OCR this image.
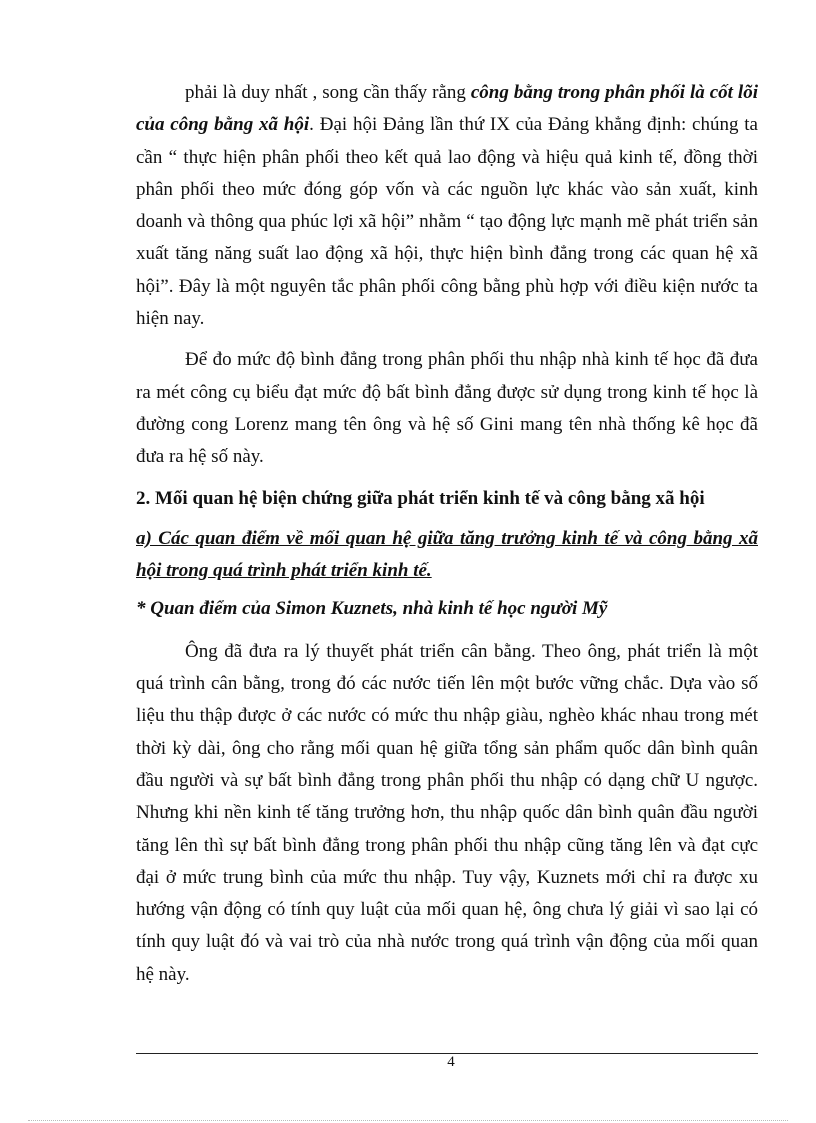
phải là duy nhất , song cần thấy rằng công bằng trong phân phối là cốt lõi của công bằng xã hội. Đại hội Đảng lần thứ IX của Đảng khẳng định: chúng ta cần “ thực hiện phân phối theo kết quả lao động và hiệu quả kinh tế, đồng thời phân phối theo mức đóng góp vốn và các nguồn lực khác vào sản xuất, kinh doanh và thông qua phúc lợi xã hội” nhằm “ tạo động lực mạnh mẽ phát triển sản xuất tăng năng suất lao động xã hội, thực hiện bình đẳng trong các quan hệ xã hội”. Đây là một nguyên tắc phân phối công bằng phù hợp với điều kiện nước ta hiện nay.

Để đo mức độ bình đẳng trong phân phối thu nhập nhà kinh tế học đã đưa ra mét công cụ biểu đạt mức độ bất bình đẳng được sử dụng trong kinh tế học là đường cong Lorenz mang tên ông và hệ số Gini mang tên nhà thống kê học đã đưa ra hệ số này.

2. Mối quan hệ biện chứng giữa phát triển kinh tế và công bằng xã hội

a) Các quan điểm về mối quan hệ giữa tăng trưởng kinh tế và công bằng xã hội trong quá trình phát triển kinh tế.

* Quan điểm của Simon Kuznets, nhà kinh tế học người Mỹ

Ông đã đưa ra lý thuyết phát triển cân bằng. Theo ông, phát triển là một quá trình cân bằng, trong đó các nước tiến lên một bước vững chắc. Dựa vào số liệu thu thập được ở các nước có mức thu nhập giàu, nghèo khác nhau trong mét thời kỳ dài, ông cho rằng mối quan hệ giữa tổng sản phẩm quốc dân bình quân đầu người và sự bất bình đẳng trong phân phối thu nhập có dạng chữ U ngược. Nhưng khi nền kinh tế tăng trưởng hơn, thu nhập quốc dân bình quân đầu người tăng lên thì sự bất bình đẳng trong phân phối thu nhập cũng tăng lên và đạt cực đại ở mức trung bình của mức thu nhập. Tuy vậy, Kuznets mới chỉ ra được xu hướng vận động có tính quy luật của mối quan hệ, ông chưa lý giải vì sao lại có tính quy luật đó và vai trò của nhà nước trong quá trình vận động của mối quan hệ này.

4
